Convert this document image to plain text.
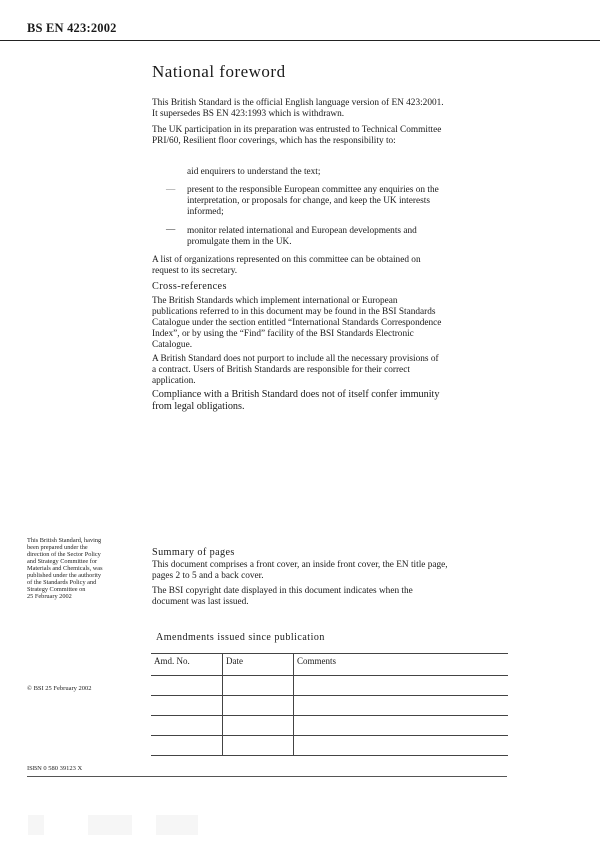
BS EN 423:2002
National foreword
This British Standard is the official English language version of EN 423:2001.
It supersedes BS EN 423:1993 which is withdrawn.
The UK participation in its preparation was entrusted to Technical Committee
PRI/60, Resilient floor coverings, which has the responsibility to:
aid enquirers to understand the text;
— present to the responsible European committee any enquiries on the
interpretation, or proposals for change, and keep the UK interests
informed;
— monitor related international and European developments and
promulgate them in the UK.
A list of organizations represented on this committee can be obtained on
request to its secretary.
Cross-references
The British Standards which implement international or European
publications referred to in this document may be found in the BSI Standards
Catalogue under the section entitled “International Standards Correspondence
Index”, or by using the “Find” facility of the BSI Standards Electronic
Catalogue.
A British Standard does not purport to include all the necessary provisions of
a contract. Users of British Standards are responsible for their correct
application.
Compliance with a British Standard does not of itself confer immunity
from legal obligations.
This British Standard, having
been prepared under the
direction of the Sector Policy
and Strategy Committee for
Materials and Chemicals, was
published under the authority
of the Standards Policy and
Strategy Committee on
25 February 2002
Summary of pages
This document comprises a front cover, an inside front cover, the EN title page,
pages 2 to 5 and a back cover.
The BSI copyright date displayed in this document indicates when the
document was last issued.
Amendments issued since publication
Amd. No.	Date	Comments

© BSI 25 February 2002
ISBN 0 580 39123 X
